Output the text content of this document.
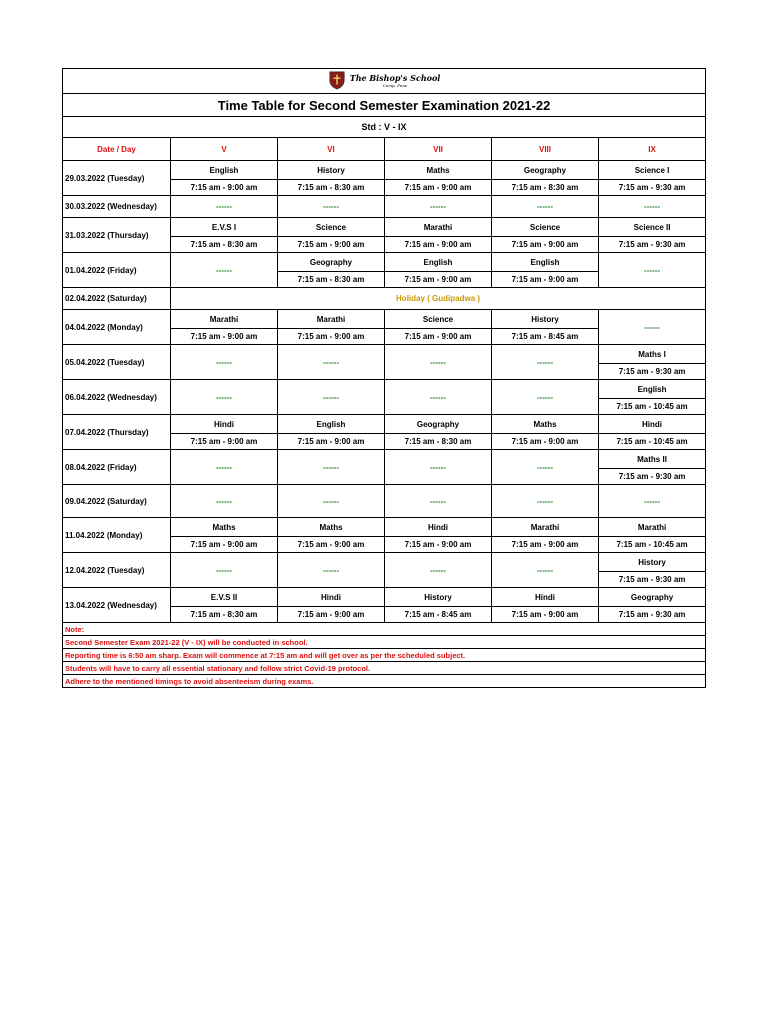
The Bishop's School
Camp, Pune					

Time Table for Second Semester Examination 2021-22					
Std : V - IX					
Date / Day	V	VI	VII	VIII	IX
29.03.2022 (Tuesday)	English	History	Maths	Geography	Science I
	7:15 am - 9:00 am	7:15 am - 8:30 am	7:15 am - 9:00 am	7:15 am - 8:30 am	7:15 am - 9:30 am
30.03.2022 (Wednesday)	------	------	------	------	------
31.03.2022 (Thursday)	E.V.S I	Science	Marathi	Science	Science II
	7:15 am - 8:30 am	7:15 am - 9:00 am	7:15 am - 9:00 am	7:15 am - 9:00 am	7:15 am - 9:30 am
01.04.2022 (Friday)	------	Geography	English	English	------
		7:15 am - 8:30 am	7:15 am - 9:00 am	7:15 am - 9:00 am	
02.04.2022 (Saturday)	Holiday ( Gudipadwa )				
04.04.2022 (Monday)	Marathi	Marathi	Science	History	------
	7:15 am - 9:00 am	7:15 am - 9:00 am	7:15 am - 9:00 am	7:15 am - 8:45 am	
05.04.2022 (Tuesday)	------	------	------	------	Maths I
					7:15 am - 9:30 am
06.04.2022 (Wednesday)	------	------	------	------	English
					7:15 am - 10:45 am
07.04.2022 (Thursday)	Hindi	English	Geography	Maths	Hindi
	7:15 am - 9:00 am	7:15 am - 9:00 am	7:15 am - 8:30 am	7:15 am - 9:00 am	7:15 am - 10:45 am
08.04.2022 (Friday)	------	------	------	------	Maths II
					7:15 am - 9:30 am
09.04.2022 (Saturday)	------	------	------	------	------
11.04.2022 (Monday)	Maths	Maths	Hindi	Marathi	Marathi
	7:15 am - 9:00 am	7:15 am - 9:00 am	7:15 am - 9:00 am	7:15 am - 9:00 am	7:15 am - 10:45 am
12.04.2022 (Tuesday)	------	------	------	------	History
					7:15 am - 9:30 am
13.04.2022 (Wednesday)	E.V.S II	Hindi	History	Hindi	Geography
	7:15 am - 8:30 am	7:15 am - 9:00 am	7:15 am - 8:45 am	7:15 am - 9:00 am	7:15 am - 9:30 am
Note:					
Second Semester Exam 2021-22 (V - IX) will be conducted in school.					
Reporting time is 6:50 am sharp. Exam will commence at 7:15 am and will get over as per the scheduled subject.					
Students will have to carry all essential stationary and follow strict Covid-19 protocol.					
Adhere to the mentioned timings to avoid absenteeism during exams.					
